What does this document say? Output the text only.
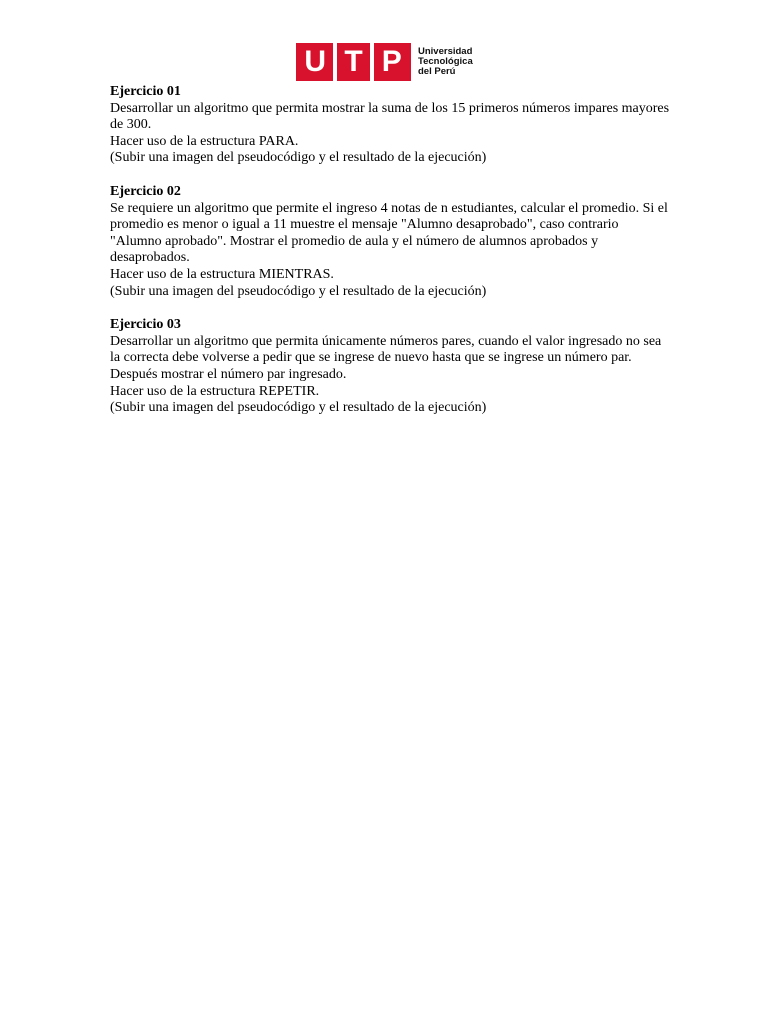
U T P	Universidad
Tecnológica
del Perú
Ejercicio 01

Desarrollar un algoritmo que permita mostrar la suma de los 15 primeros números impares mayores de 300.

Hacer uso de la estructura PARA.

(Subir una imagen del pseudocódigo y el resultado de la ejecución)

Ejercicio 02

Se requiere un algoritmo que permite el ingreso 4 notas de n estudiantes, calcular el promedio. Si el promedio es menor o igual a 11 muestre el mensaje "Alumno desaprobado", caso contrario "Alumno aprobado". Mostrar el promedio de aula y el número de alumnos aprobados y desaprobados.

Hacer uso de la estructura MIENTRAS.

(Subir una imagen del pseudocódigo y el resultado de la ejecución)

Ejercicio 03

Desarrollar un algoritmo que permita únicamente números pares, cuando el valor ingresado no sea la correcta debe volverse a pedir que se ingrese de nuevo hasta que se ingrese un número par. Después mostrar el número par ingresado.

Hacer uso de la estructura REPETIR.

(Subir una imagen del pseudocódigo y el resultado de la ejecución)
